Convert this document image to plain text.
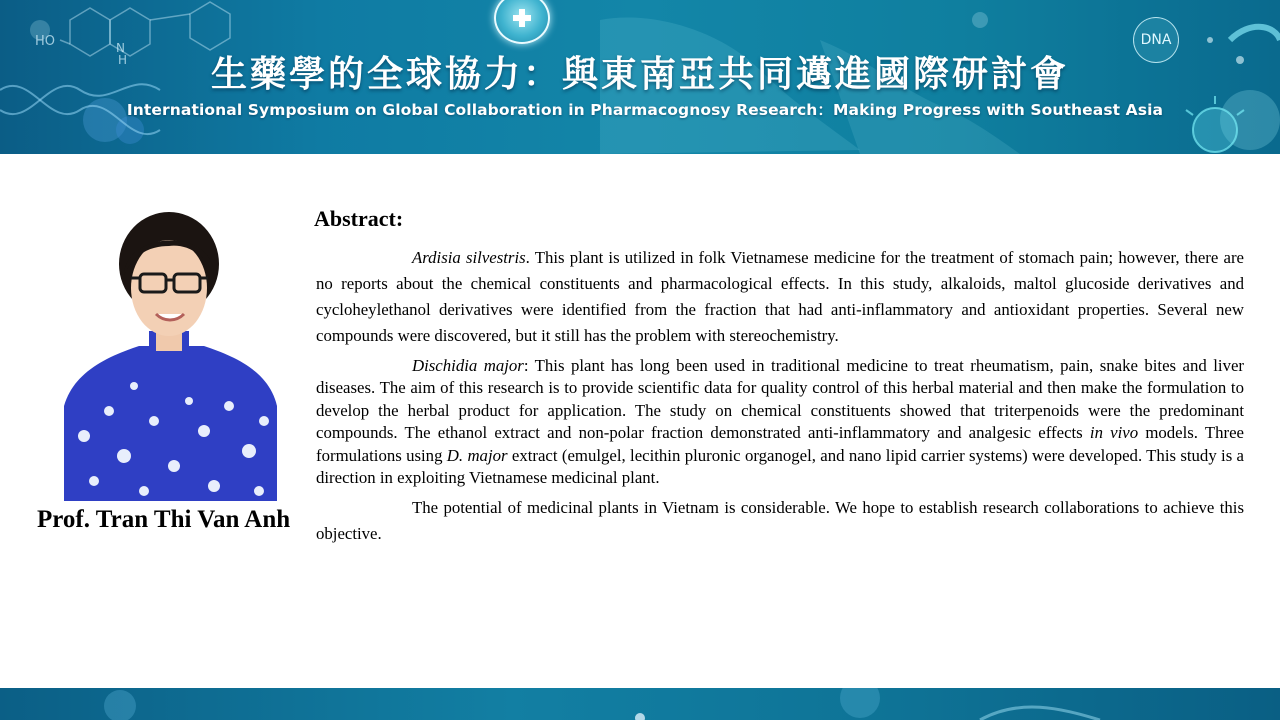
HO	N
H
DNA
生藥學的全球協力：與東南亞共同邁進國際研討會
International Symposium on Global Collaboration in Pharmacognosy Research：Making Progress with Southeast Asia
Prof. Tran Thi Van Anh
Abstract:

Ardisia silvestris. This plant is utilized in folk Vietnamese medicine for the treatment of stomach pain; however, there are no reports about the chemical constituents and pharmacological effects. In this study, alkaloids, maltol glucoside derivatives and cycloheylethanol derivatives were identified from the fraction that had anti-inflammatory and antioxidant properties. Several new compounds were discovered, but it still has the problem with stereochemistry.

Dischidia major: This plant has long been used in traditional medicine to treat rheumatism, pain, snake bites and liver diseases. The aim of this research is to provide scientific data for quality control of this herbal material and then make the formulation to develop the herbal product for application. The study on chemical constituents showed that triterpenoids were the predominant compounds. The ethanol extract and non-polar fraction demonstrated anti-inflammatory and analgesic effects in vivo models. Three formulations using D. major extract (emulgel, lecithin pluronic organogel, and nano lipid carrier systems) were developed. This study is a direction in exploiting Vietnamese medicinal plant.

The potential of medicinal plants in Vietnam is considerable. We hope to establish research collaborations to achieve this objective.
